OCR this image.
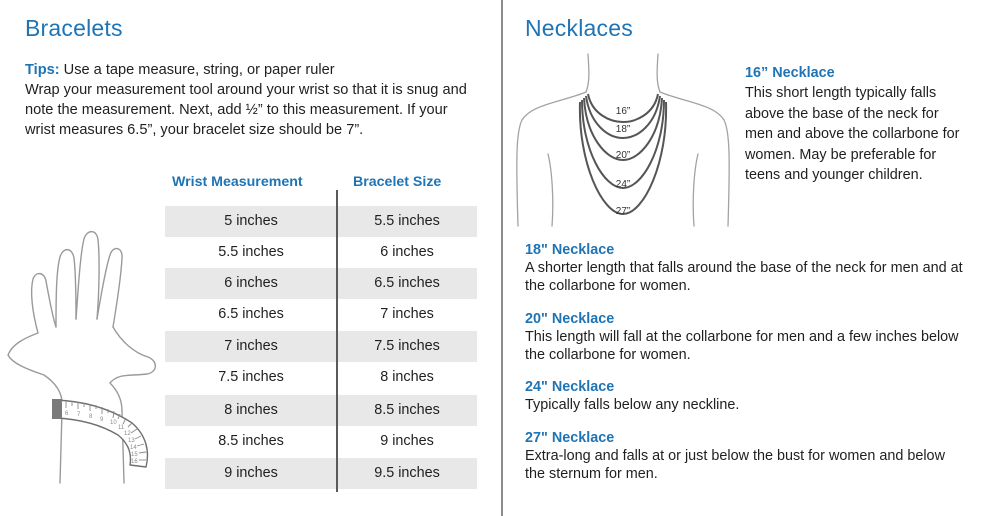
Bracelets
Tips: Use a tape measure, string, or paper ruler
Wrap your measurement tool around your wrist so that it is snug and note the measurement. Next, add ½” to this measurement. If your wrist measures 6.5”, your bracelet size should be 7”.
Wrist Measurement	Bracelet Size
5 inches	5.5 inches
5.5 inches	6 inches
6 inches	6.5 inches
6.5 inches	7 inches
7 inches	7.5 inches
7.5 inches	8 inches
8 inches	8.5 inches
8.5 inches	9 inches
9 inches	9.5 inches
6 7 8 9 10
11
12
13
14
15
16
Necklaces
16”
18”
20”
24”
27”
16” Necklace
This short length typically falls above the base of the neck for men and above the collarbone for women. May be preferable for teens and younger children.
18" Necklace
A shorter length that falls around the base of the neck for men and at the collarbone for women.
20" Necklace
This length will fall at the collarbone for men and a few inches below the collarbone for women.
24" Necklace
Typically falls below any neckline.
27" Necklace
Extra-long and falls at or just below the bust for women and below the sternum for men.
